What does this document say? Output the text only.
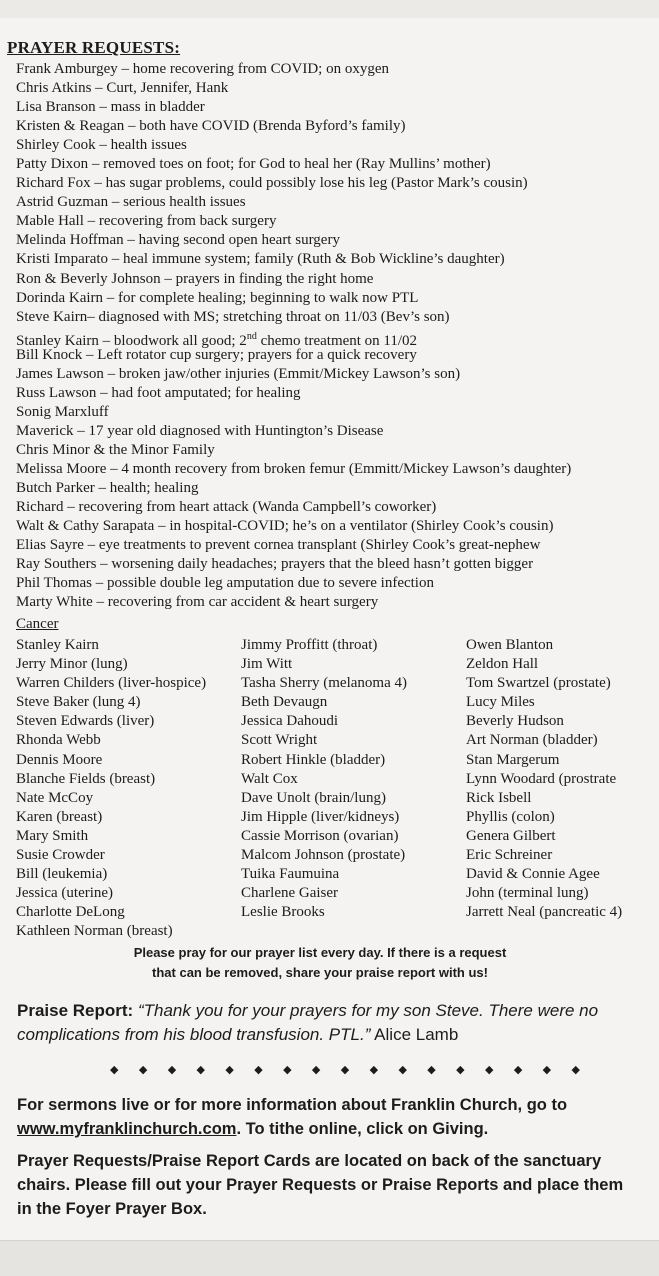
PRAYER REQUESTS:
Frank Amburgey – home recovering from COVID; on oxygen
Chris Atkins – Curt, Jennifer, Hank
Lisa Branson – mass in bladder
Kristen & Reagan – both have COVID (Brenda Byford’s family)
Shirley Cook – health issues
Patty Dixon – removed toes on foot; for God to heal her (Ray Mullins’ mother)
Richard Fox – has sugar problems, could possibly lose his leg (Pastor Mark’s cousin)
Astrid Guzman – serious health issues
Mable Hall – recovering from back surgery
Melinda Hoffman – having second open heart surgery
Kristi Imparato – heal immune system; family (Ruth & Bob Wickline’s daughter)
Ron & Beverly Johnson – prayers in finding the right home
Dorinda Kairn – for complete healing; beginning to walk now PTL
Steve Kairn– diagnosed with MS; stretching throat on 11/03 (Bev’s son)
Stanley Kairn – bloodwork all good; 2nd chemo treatment on 11/02
Bill Knock – Left rotator cup surgery; prayers for a quick recovery
James Lawson – broken jaw/other injuries (Emmit/Mickey Lawson’s son)
Russ Lawson – had foot amputated; for healing
Sonig Marxluff
Maverick – 17 year old diagnosed with Huntington’s Disease
Chris Minor & the Minor Family
Melissa Moore – 4 month recovery from broken femur (Emmitt/Mickey Lawson’s daughter)
Butch Parker – health; healing
Richard – recovering from heart attack (Wanda Campbell’s coworker)
Walt & Cathy Sarapata – in hospital-COVID; he’s on a ventilator (Shirley Cook’s cousin)
Elias Sayre – eye treatments to prevent cornea transplant (Shirley Cook’s great-nephew
Ray Southers – worsening daily headaches; prayers that the bleed hasn’t gotten bigger
Phil Thomas – possible double leg amputation due to severe infection
Marty White – recovering from car accident & heart surgery
Cancer
Stanley Kairn
Jerry Minor (lung)
Warren Childers (liver-hospice)
Steve Baker (lung 4)
Steven Edwards (liver)
Rhonda Webb
Dennis Moore
Blanche Fields (breast)
Nate McCoy
Karen (breast)
Mary Smith
Susie Crowder
Bill (leukemia)
Jessica (uterine)
Charlotte DeLong
Kathleen Norman (breast)
Jimmy Proffitt (throat)
Jim Witt
Tasha Sherry (melanoma 4)
Beth Devaugn
Jessica Dahoudi
Scott Wright
Robert Hinkle (bladder)
Walt Cox
Dave Unolt (brain/lung)
Jim Hipple (liver/kidneys)
Cassie Morrison (ovarian)
Malcom Johnson (prostate)
Tuika Faumuina
Charlene Gaiser
Leslie Brooks
Owen Blanton
Zeldon Hall
Tom Swartzel (prostate)
Lucy Miles
Beverly Hudson
Art Norman (bladder)
Stan Margerum
Lynn Woodard (prostrate
Rick Isbell
Phyllis (colon)
Genera Gilbert
Eric Schreiner
David & Connie Agee
John (terminal lung)
Jarrett Neal (pancreatic 4)
Please pray for our prayer list every day. If there is a request
that can be removed, share your praise report with us!
Praise Report: “Thank you for your prayers for my son Steve. There were no complications from his blood transfusion. PTL.” Alice Lamb
◆ ◆ ◆ ◆ ◆ ◆ ◆ ◆ ◆ ◆ ◆ ◆ ◆ ◆ ◆ ◆ ◆
For sermons live or for more information about Franklin Church, go to www.myfranklinchurch.com. To tithe online, click on Giving.
Prayer Requests/Praise Report Cards are located on back of the sanctuary chairs. Please fill out your Prayer Requests or Praise Reports and place them in the Foyer Prayer Box.
